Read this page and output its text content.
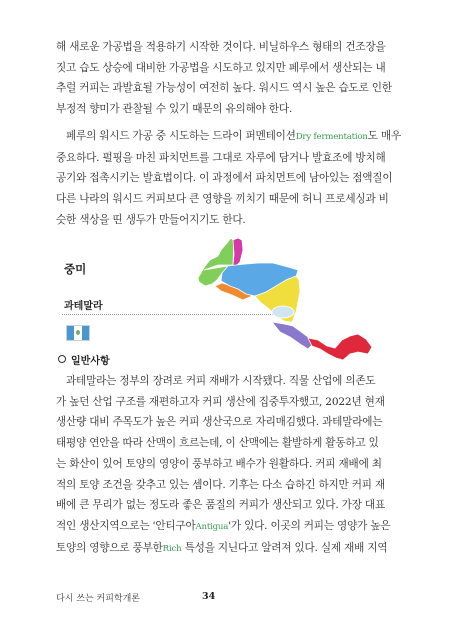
해 새로운 가공법을 적용하기 시작한 것이다. 비닐하우스 형태의 건조장을
짓고 습도 상승에 대비한 가공법을 시도하고 있지만 페루에서 생산되는 내
추럴 커피는 과발효될 가능성이 여전히 높다. 워시드 역시 높은 습도로 인한
부정적 향미가 관찰될 수 있기 때문의 유의해야 한다.

페루의 워시드 가공 중 시도하는 드라이 퍼멘테이션Dry fermentation도 매우
중요하다. 펄핑을 마친 파치먼트를 그대로 자루에 담거나 발효조에 방치해
공기와 접촉시키는 발효법이다. 이 과정에서 파치먼트에 남아있는 점액질이
다른 나라의 워시드 커피보다 큰 영향을 끼치기 때문에 허니 프로세싱과 비
슷한 색상을 띤 생두가 만들어지기도 한다.

중미
과테말라
일반사항

과테말라는 정부의 장려로 커피 재배가 시작됐다. 직물 산업에 의존도
가 높던 산업 구조를 재편하고자 커피 생산에 집중투자했고, 2022년 현재
생산량 대비 주목도가 높은 커피 생산국으로 자리매김했다. 과테말라에는
태평양 연안을 따라 산맥이 흐르는데, 이 산맥에는 활발하게 활동하고 있
는 화산이 있어 토양의 영양이 풍부하고 배수가 원활하다. 커피 재배에 최
적의 토양 조건을 갖추고 있는 셈이다. 기후는 다소 습하긴 하지만 커피 재
배에 큰 무리가 없는 정도라 좋은 품질의 커피가 생산되고 있다. 가장 대표
적인 생산지역으로는 '안티구아Antigua'가 있다. 이곳의 커피는 영양가 높은
토양의 영향으로 풍부한Rich 특성을 지닌다고 알려져 있다. 실제 재배 지역

다시 쓰는 커피학개론	34
